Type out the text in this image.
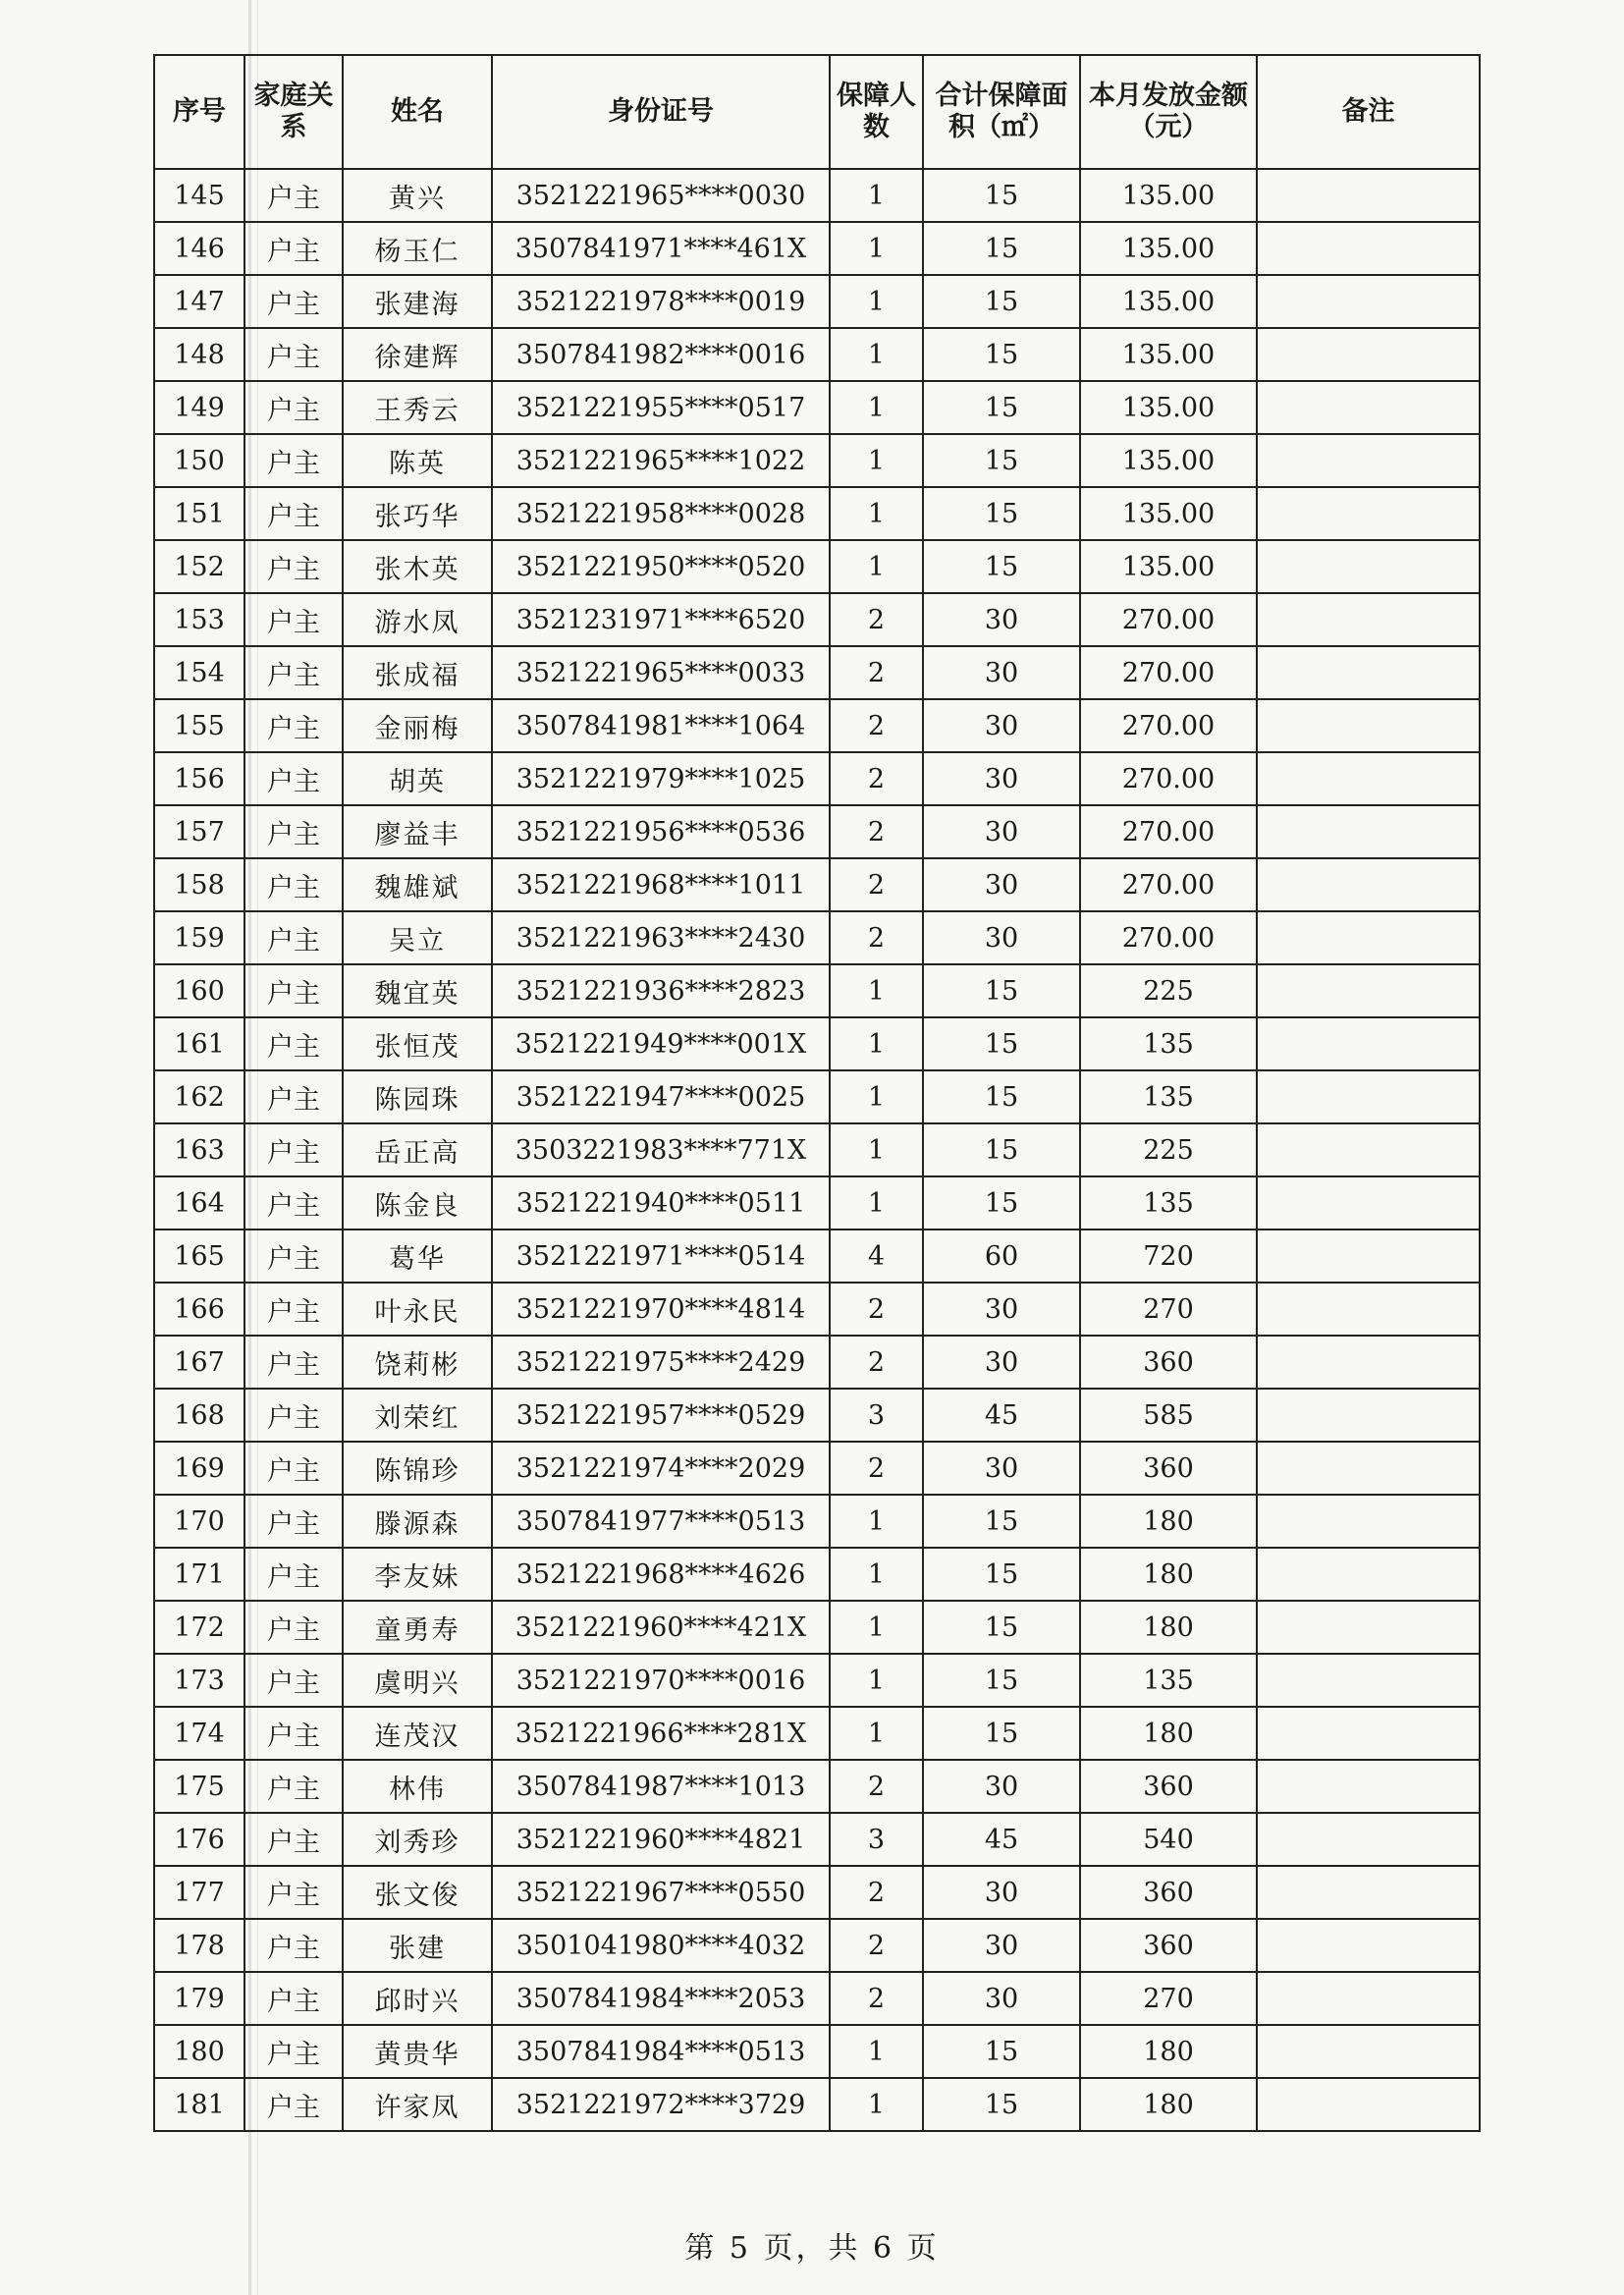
序号	家庭关系	姓名	身份证号	保障人数	合计保障面积（㎡）	本月发放金额（元）	备注
145	户主	黄兴	3521221965****0030	1	15	135.00	
146	户主	杨玉仁	3507841971****461X	1	15	135.00	
147	户主	张建海	3521221978****0019	1	15	135.00	
148	户主	徐建辉	3507841982****0016	1	15	135.00	
149	户主	王秀云	3521221955****0517	1	15	135.00	
150	户主	陈英	3521221965****1022	1	15	135.00	
151	户主	张巧华	3521221958****0028	1	15	135.00	
152	户主	张木英	3521221950****0520	1	15	135.00	
153	户主	游水凤	3521231971****6520	2	30	270.00	
154	户主	张成福	3521221965****0033	2	30	270.00	
155	户主	金丽梅	3507841981****1064	2	30	270.00	
156	户主	胡英	3521221979****1025	2	30	270.00	
157	户主	廖益丰	3521221956****0536	2	30	270.00	
158	户主	魏雄斌	3521221968****1011	2	30	270.00	
159	户主	吴立	3521221963****2430	2	30	270.00	
160	户主	魏宜英	3521221936****2823	1	15	225	
161	户主	张恒茂	3521221949****001X	1	15	135	
162	户主	陈园珠	3521221947****0025	1	15	135	
163	户主	岳正高	3503221983****771X	1	15	225	
164	户主	陈金良	3521221940****0511	1	15	135	
165	户主	葛华	3521221971****0514	4	60	720	
166	户主	叶永民	3521221970****4814	2	30	270	
167	户主	饶莉彬	3521221975****2429	2	30	360	
168	户主	刘荣红	3521221957****0529	3	45	585	
169	户主	陈锦珍	3521221974****2029	2	30	360	
170	户主	滕源森	3507841977****0513	1	15	180	
171	户主	李友妹	3521221968****4626	1	15	180	
172	户主	童勇寿	3521221960****421X	1	15	180	
173	户主	虞明兴	3521221970****0016	1	15	135	
174	户主	连茂汉	3521221966****281X	1	15	180	
175	户主	林伟	3507841987****1013	2	30	360	
176	户主	刘秀珍	3521221960****4821	3	45	540	
177	户主	张文俊	3521221967****0550	2	30	360	
178	户主	张建	3501041980****4032	2	30	360	
179	户主	邱时兴	3507841984****2053	2	30	270	
180	户主	黄贵华	3507841984****0513	1	15	180	
181	户主	许家凤	3521221972****3729	1	15	180	
第 5 页，共 6 页
